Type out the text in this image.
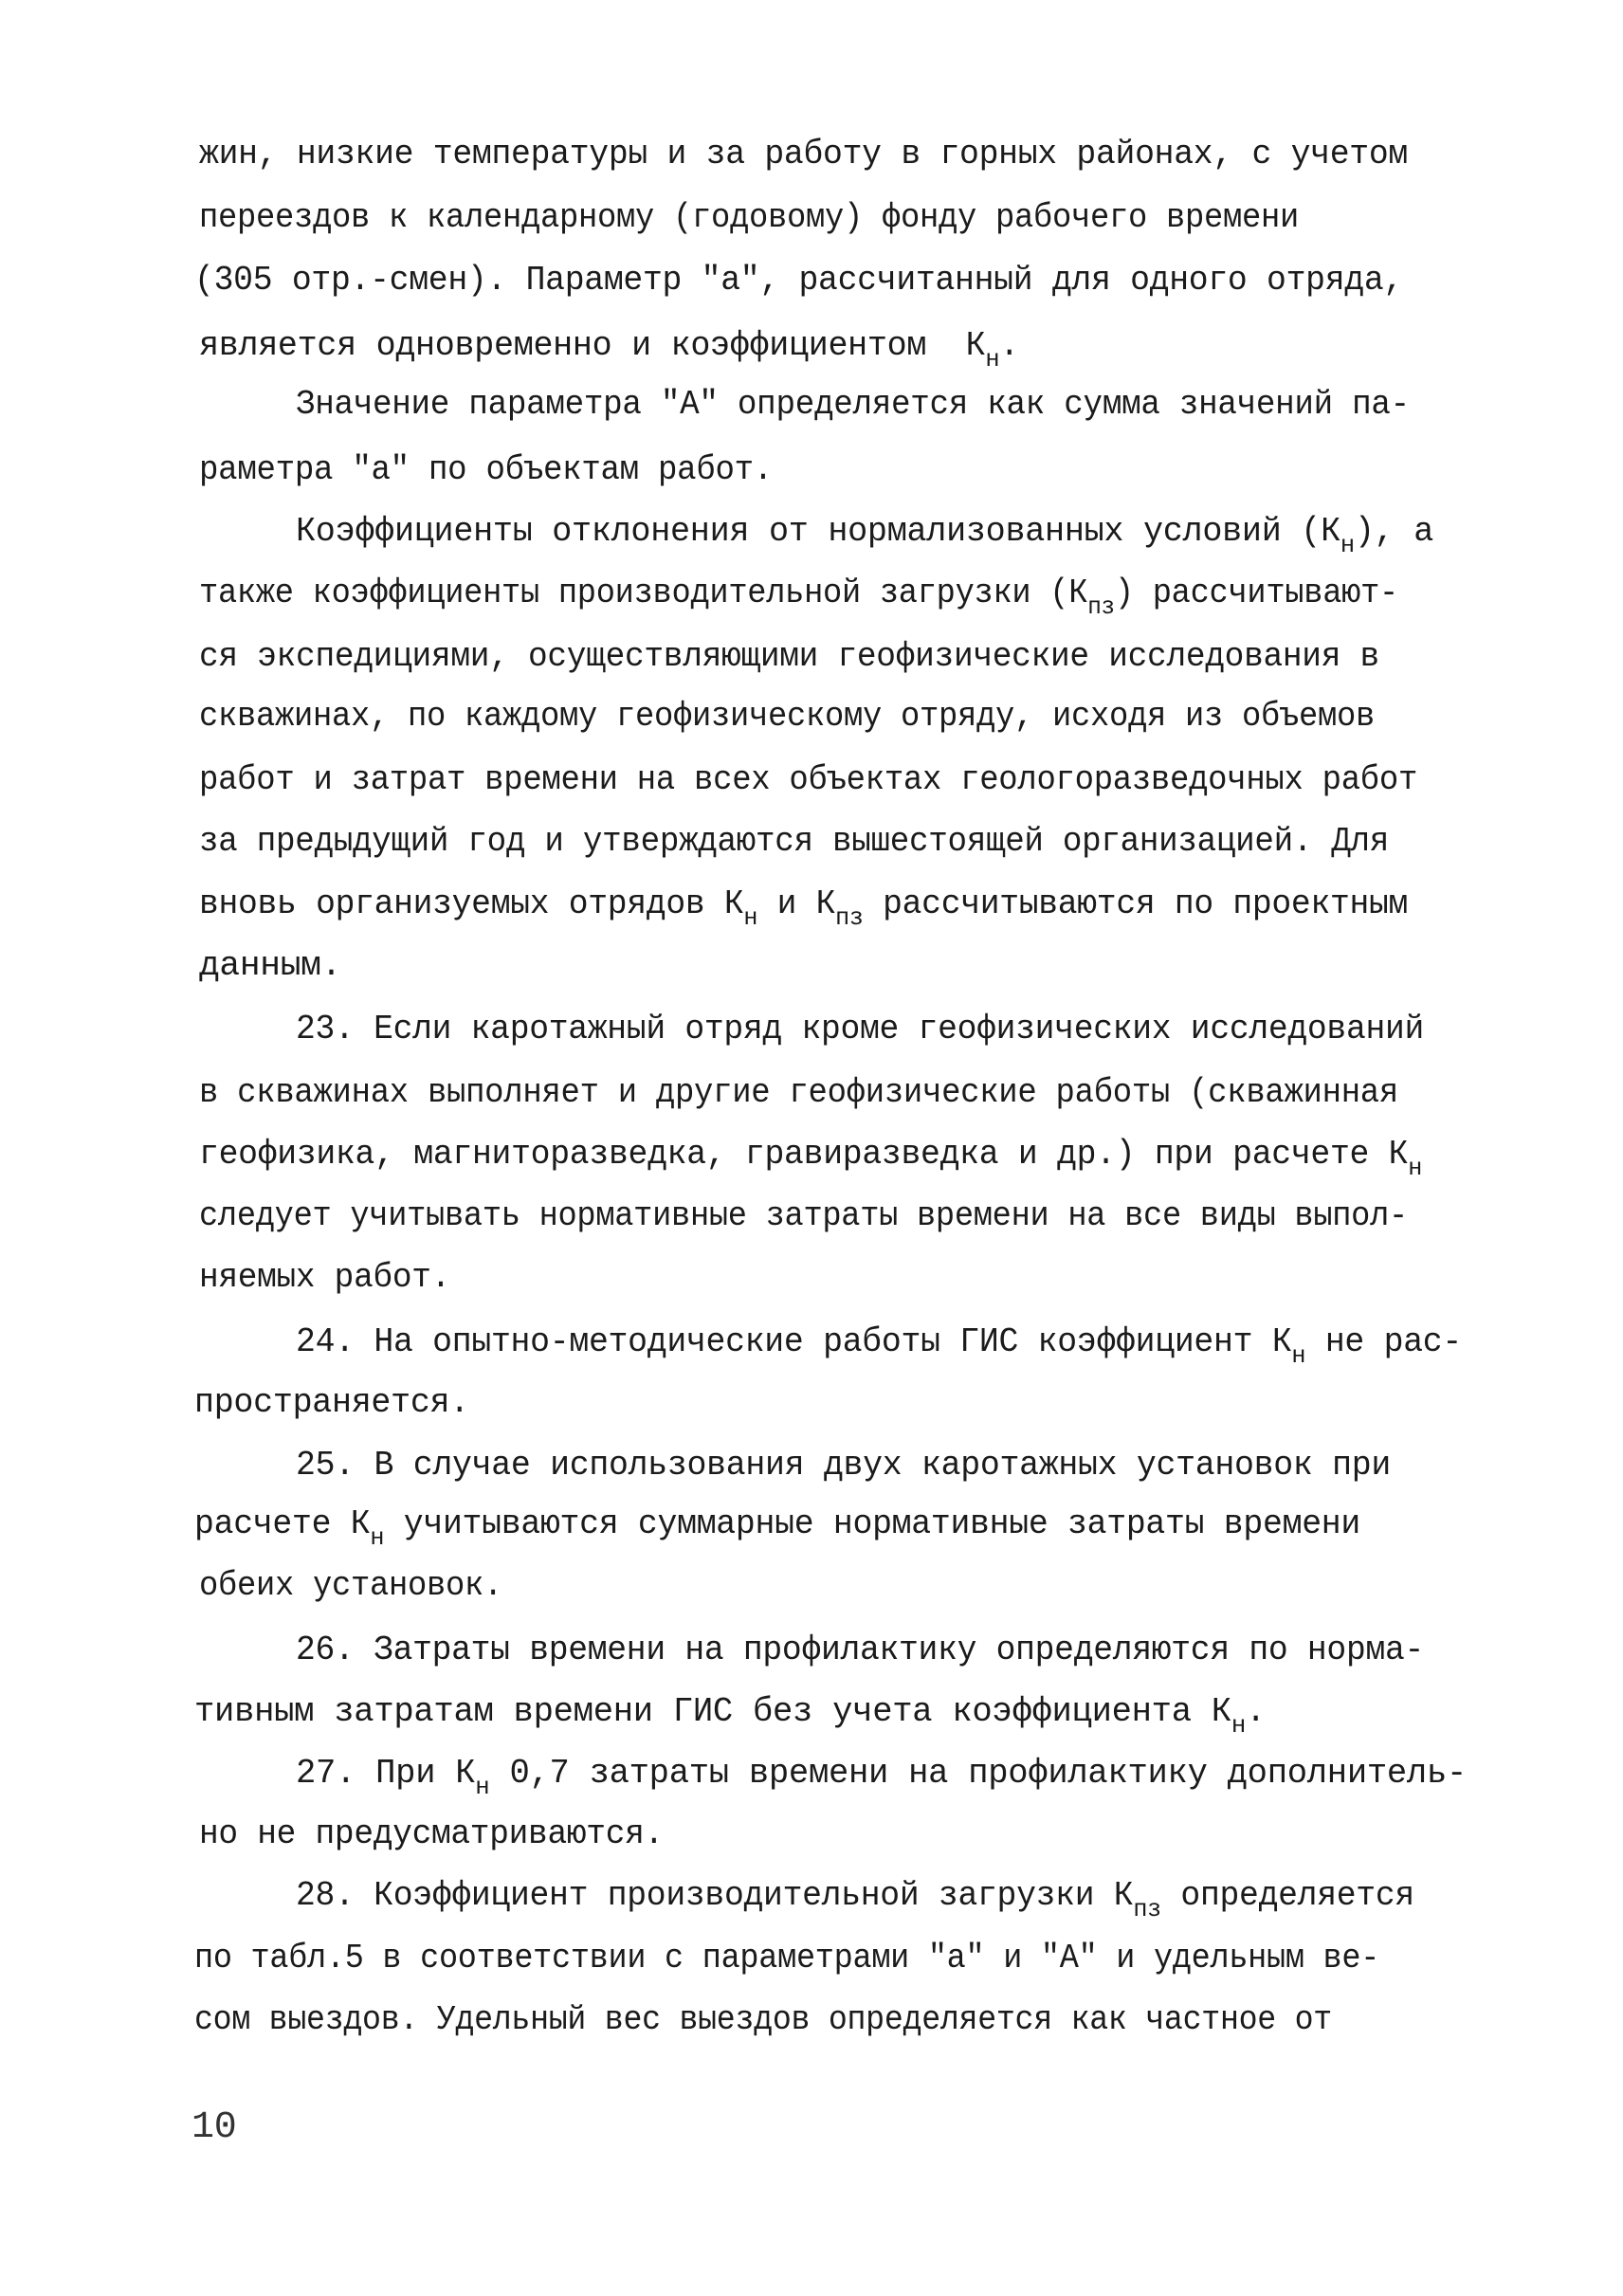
жин, низкие температуры и за работу в горных районах, с учетом
переездов к календарному (годовому) фонду рабочего времени
(305 отр.-смен). Параметр "а", рассчитанный для одного отряда,
является одновременно и коэффициентом  $К_н$.
Значение параметра "А" определяется как сумма значений па-
раметра "а" по объектам работ.
Коэффициенты отклонения от нормализованных условий $(К_н)$, а
также коэффициенты производительной загрузки $(К_{пз})$ рассчитывают-
ся экспедициями, осуществляющими геофизические исследования в
скважинах, по каждому геофизическому отряду, исходя из объемов
работ и затрат времени на всех объектах геологоразведочных работ
за предыдущий год и утверждаются вышестоящей организацией. Для
вновь организуемых отрядов $К_н$ и $К_{пз}$ рассчитываются по проектным
данным.
23. Если каротажный отряд кроме геофизических исследований
в скважинах выполняет и другие геофизические работы (скважинная
геофизика, магниторазведка, гравиразведка и др.) при расчете $К_н$
следует учитывать нормативные затраты времени на все виды выпол-
няемых работ.
24. На опытно-методические работы ГИС коэффициент $К_н$ не рас-
пространяется.
25. В случае использования двух каротажных установок при
расчете $К_н$ учитываются суммарные нормативные затраты времени
обеих установок.
26. Затраты времени на профилактику определяются по норма-
тивным затратам времени ГИС без учета коэффициента $К_н$.
27. При $К_н$ 0,7 затраты времени на профилактику дополнитель-
но не предусматриваются.
28. Коэффициент производительной загрузки $К_{пз}$ определяется
по табл.5 в соответствии с параметрами "а" и "А" и удельным ве-
сом выездов. Удельный вес выездов определяется как частное от
10
